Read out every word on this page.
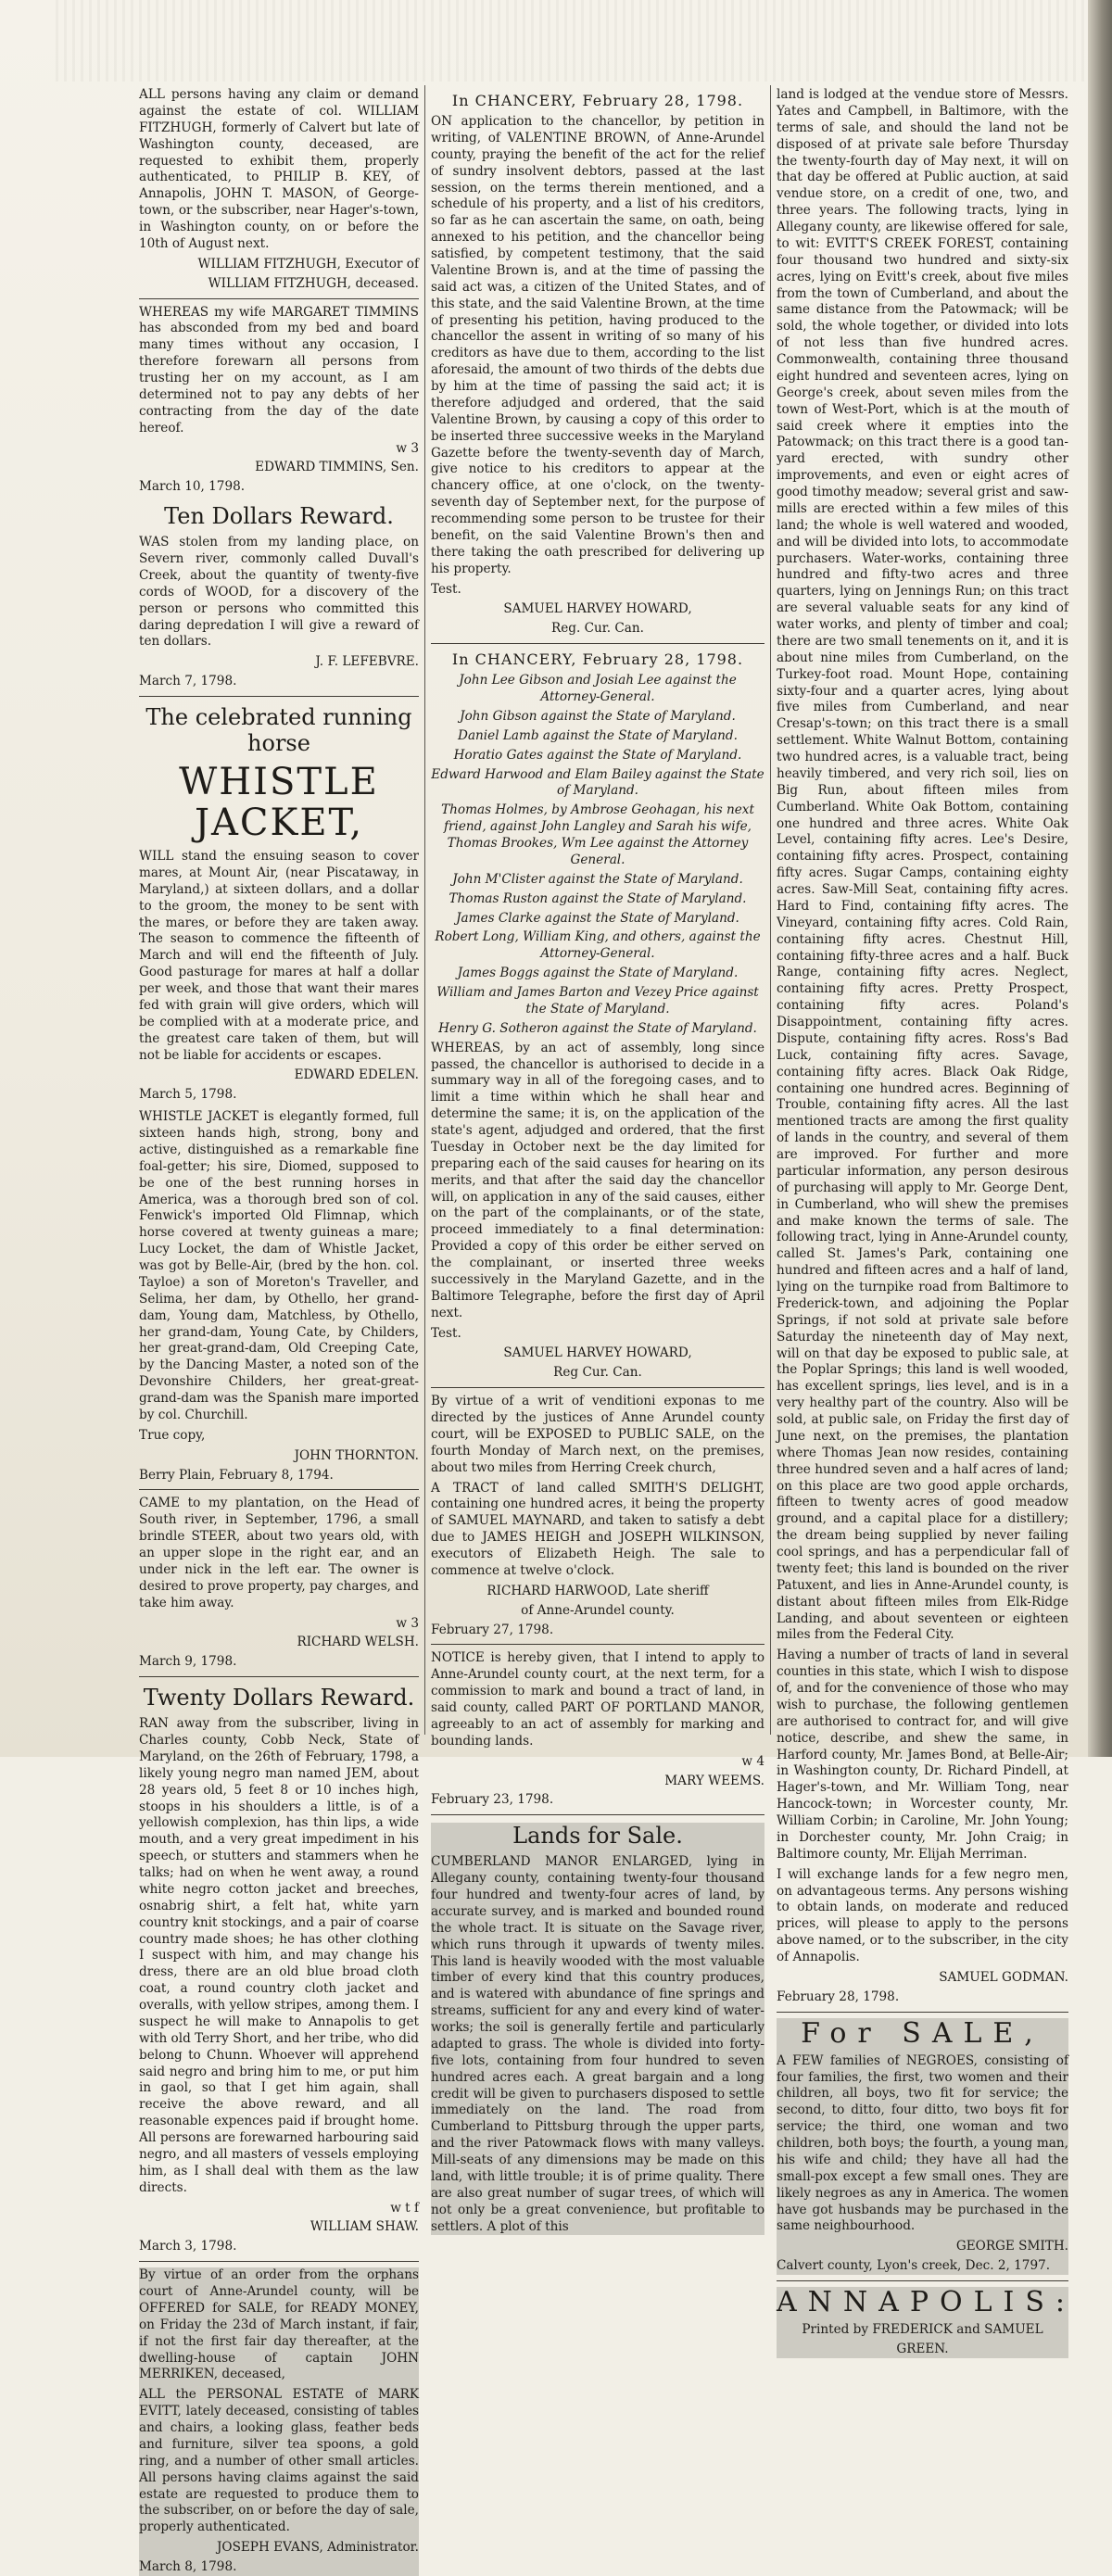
ALL persons having any claim or demand against the estate of col. WILLIAM FITZHUGH, formerly of Calvert but late of Washington county, deceased, are requested to exhibit them, properly authenticated, to PHILIP B. KEY, of Annapolis, JOHN T. MASON, of George-town, or the subscriber, near Hager's-town, in Washington county, on or before the 10th of August next.

WILLIAM FITZHUGH, Executor of

WILLIAM FITZHUGH, deceased.

WHEREAS my wife MARGARET TIMMINS has absconded from my bed and board many times without any occasion, I therefore forewarn all persons from trusting her on my account, as I am determined not to pay any debts of her contracting from the day of the date hereof.

w 3

EDWARD TIMMINS, Sen.

March 10, 1798.

Ten Dollars Reward.

WAS stolen from my landing place, on Severn river, commonly called Duvall's Creek, about the quantity of twenty-five cords of WOOD, for a discovery of the person or persons who committed this daring depredation I will give a reward of ten dollars.

J. F. LEFEBVRE.

March 7, 1798.

The celebrated running horse
WHISTLE JACKET,

WILL stand the ensuing season to cover mares, at Mount Air, (near Piscataway, in Maryland,) at sixteen dollars, and a dollar to the groom, the money to be sent with the mares, or before they are taken away. The season to commence the fifteenth of March and will end the fifteenth of July. Good pasturage for mares at half a dollar per week, and those that want their mares fed with grain will give orders, which will be complied with at a moderate price, and the greatest care taken of them, but will not be liable for accidents or escapes.

EDWARD EDELEN.

March 5, 1798.

WHISTLE JACKET is elegantly formed, full sixteen hands high, strong, bony and active, distinguished as a remarkable fine foal-getter; his sire, Diomed, supposed to be one of the best running horses in America, was a thorough bred son of col. Fenwick's imported Old Flimnap, which horse covered at twenty guineas a mare; Lucy Locket, the dam of Whistle Jacket, was got by Belle-Air, (bred by the hon. col. Tayloe) a son of Moreton's Traveller, and Selima, her dam, by Othello, her grand-dam, Young dam, Matchless, by Othello, her grand-dam, Young Cate, by Childers, her great-grand-dam, Old Creeping Cate, by the Dancing Master, a noted son of the Devonshire Childers, her great-great-grand-dam was the Spanish mare imported by col. Churchill.

True copy,

JOHN THORNTON.

Berry Plain, February 8, 1794.

CAME to my plantation, on the Head of South river, in September, 1796, a small brindle STEER, about two years old, with an upper slope in the right ear, and an under nick in the left ear. The owner is desired to prove property, pay charges, and take him away.

w 3

RICHARD WELSH.

March 9, 1798.

Twenty Dollars Reward.

RAN away from the subscriber, living in Charles county, Cobb Neck, State of Maryland, on the 26th of February, 1798, a likely young negro man named JEM, about 28 years old, 5 feet 8 or 10 inches high, stoops in his shoulders a little, is of a yellowish complexion, has thin lips, a wide mouth, and a very great impediment in his speech, or stutters and stammers when he talks; had on when he went away, a round white negro cotton jacket and breeches, osnabrig shirt, a felt hat, white yarn country knit stockings, and a pair of coarse country made shoes; he has other clothing I suspect with him, and may change his dress, there are an old blue broad cloth coat, a round country cloth jacket and overalls, with yellow stripes, among them. I suspect he will make to Annapolis to get with old Terry Short, and her tribe, who did belong to Chunn. Whoever will apprehend said negro and bring him to me, or put him in gaol, so that I get him again, shall receive the above reward, and all reasonable expences paid if brought home. All persons are forewarned harbouring said negro, and all masters of vessels employing him, as I shall deal with them as the law directs.

w t f

WILLIAM SHAW.

March 3, 1798.

By virtue of an order from the orphans court of Anne-Arundel county, will be OFFERED for SALE, for READY MONEY, on Friday the 23d of March instant, if fair, if not the first fair day thereafter, at the dwelling-house of captain JOHN MERRIKEN, deceased,

ALL the PERSONAL ESTATE of MARK EVITT, lately deceased, consisting of tables and chairs, a looking glass, feather beds and furniture, silver tea spoons, a gold ring, and a number of other small articles. All persons having claims against the said estate are requested to produce them to the subscriber, on or before the day of sale, properly authenticated.

JOSEPH EVANS, Administrator.

March 8, 1798.

In CHANCERY, February 28, 1798.

ON application to the chancellor, by petition in writing, of VALENTINE BROWN, of Anne-Arundel county, praying the benefit of the act for the relief of sundry insolvent debtors, passed at the last session, on the terms therein mentioned, and a schedule of his property, and a list of his creditors, so far as he can ascertain the same, on oath, being annexed to his petition, and the chancellor being satisfied, by competent testimony, that the said Valentine Brown is, and at the time of passing the said act was, a citizen of the United States, and of this state, and the said Valentine Brown, at the time of presenting his petition, having produced to the chancellor the assent in writing of so many of his creditors as have due to them, according to the list aforesaid, the amount of two thirds of the debts due by him at the time of passing the said act; it is therefore adjudged and ordered, that the said Valentine Brown, by causing a copy of this order to be inserted three successive weeks in the Maryland Gazette before the twenty-seventh day of March, give notice to his creditors to appear at the chancery office, at one o'clock, on the twenty-seventh day of September next, for the purpose of recommending some person to be trustee for their benefit, on the said Valentine Brown's then and there taking the oath prescribed for delivering up his property.

Test.

SAMUEL HARVEY HOWARD,

Reg. Cur. Can.

In CHANCERY, February 28, 1798.

John Lee Gibson and Josiah Lee against the Attorney-General.

John Gibson against the State of Maryland.

Daniel Lamb against the State of Maryland.

Horatio Gates against the State of Maryland.

Edward Harwood and Elam Bailey against the State of Maryland.

Thomas Holmes, by Ambrose Geohagan, his next friend, against John Langley and Sarah his wife, Thomas Brookes, Wm Lee against the Attorney General.

John M'Clister against the State of Maryland.

Thomas Ruston against the State of Maryland.

James Clarke against the State of Maryland.

Robert Long, William King, and others, against the Attorney-General.

James Boggs against the State of Maryland.

William and James Barton and Vezey Price against the State of Maryland.

Henry G. Sotheron against the State of Maryland.

WHEREAS, by an act of assembly, long since passed, the chancellor is authorised to decide in a summary way in all of the foregoing cases, and to limit a time within which he shall hear and determine the same; it is, on the application of the state's agent, adjudged and ordered, that the first Tuesday in October next be the day limited for preparing each of the said causes for hearing on its merits, and that after the said day the chancellor will, on application in any of the said causes, either on the part of the complainants, or of the state, proceed immediately to a final determination: Provided a copy of this order be either served on the complainant, or inserted three weeks successively in the Maryland Gazette, and in the Baltimore Telegraphe, before the first day of April next.

Test.

SAMUEL HARVEY HOWARD,

Reg Cur. Can.

By virtue of a writ of venditioni exponas to me directed by the justices of Anne Arundel county court, will be EXPOSED to PUBLIC SALE, on the fourth Monday of March next, on the premises, about two miles from Herring Creek church,

A TRACT of land called SMITH'S DELIGHT, containing one hundred acres, it being the property of SAMUEL MAYNARD, and taken to satisfy a debt due to JAMES HEIGH and JOSEPH WILKINSON, executors of Elizabeth Heigh. The sale to commence at twelve o'clock.

RICHARD HARWOOD, Late sheriff

of Anne-Arundel county.

February 27, 1798.

NOTICE is hereby given, that I intend to apply to Anne-Arundel county court, at the next term, for a commission to mark and bound a tract of land, in said county, called PART OF PORTLAND MANOR, agreeably to an act of assembly for marking and bounding lands.

w 4

MARY WEEMS.

February 23, 1798.

Lands for Sale.

CUMBERLAND MANOR ENLARGED, lying in Allegany county, containing twenty-four thousand four hundred and twenty-four acres of land, by accurate survey, and is marked and bounded round the whole tract. It is situate on the Savage river, which runs through it upwards of twenty miles. This land is heavily wooded with the most valuable timber of every kind that this country produces, and is watered with abundance of fine springs and streams, sufficient for any and every kind of water-works; the soil is generally fertile and particularly adapted to grass. The whole is divided into forty-five lots, containing from four hundred to seven hundred acres each. A great bargain and a long credit will be given to purchasers disposed to settle immediately on the land. The road from Cumberland to Pittsburg through the upper parts, and the river Patowmack flows with many valleys. Mill-seats of any dimensions may be made on this land, with little trouble; it is of prime quality. There are also great number of sugar trees, of which will not only be a great convenience, but profitable to settlers. A plot of this

land is lodged at the vendue store of Messrs. Yates and Campbell, in Baltimore, with the terms of sale, and should the land not be disposed of at private sale before Thursday the twenty-fourth day of May next, it will on that day be offered at Public auction, at said vendue store, on a credit of one, two, and three years. The following tracts, lying in Allegany county, are likewise offered for sale, to wit: EVITT'S CREEK FOREST, containing four thousand two hundred and sixty-six acres, lying on Evitt's creek, about five miles from the town of Cumberland, and about the same distance from the Patowmack; will be sold, the whole together, or divided into lots of not less than five hundred acres. Commonwealth, containing three thousand eight hundred and seventeen acres, lying on George's creek, about seven miles from the town of West-Port, which is at the mouth of said creek where it empties into the Patowmack; on this tract there is a good tan-yard erected, with sundry other improvements, and even or eight acres of good timothy meadow; several grist and saw-mills are erected within a few miles of this land; the whole is well watered and wooded, and will be divided into lots, to accommodate purchasers. Water-works, containing three hundred and fifty-two acres and three quarters, lying on Jennings Run; on this tract are several valuable seats for any kind of water works, and plenty of timber and coal; there are two small tenements on it, and it is about nine miles from Cumberland, on the Turkey-foot road. Mount Hope, containing sixty-four and a quarter acres, lying about five miles from Cumberland, and near Cresap's-town; on this tract there is a small settlement. White Walnut Bottom, containing two hundred acres, is a valuable tract, being heavily timbered, and very rich soil, lies on Big Run, about fifteen miles from Cumberland. White Oak Bottom, containing one hundred and three acres. White Oak Level, containing fifty acres. Lee's Desire, containing fifty acres. Prospect, containing fifty acres. Sugar Camps, containing eighty acres. Saw-Mill Seat, containing fifty acres. Hard to Find, containing fifty acres. The Vineyard, containing fifty acres. Cold Rain, containing fifty acres. Chestnut Hill, containing fifty-three acres and a half. Buck Range, containing fifty acres. Neglect, containing fifty acres. Pretty Prospect, containing fifty acres. Poland's Disappointment, containing fifty acres. Dispute, containing fifty acres. Ross's Bad Luck, containing fifty acres. Savage, containing fifty acres. Black Oak Ridge, containing one hundred acres. Beginning of Trouble, containing fifty acres. All the last mentioned tracts are among the first quality of lands in the country, and several of them are improved. For further and more particular information, any person desirous of purchasing will apply to Mr. George Dent, in Cumberland, who will shew the premises and make known the terms of sale. The following tract, lying in Anne-Arundel county, called St. James's Park, containing one hundred and fifteen acres and a half of land, lying on the turnpike road from Baltimore to Frederick-town, and adjoining the Poplar Springs, if not sold at private sale before Saturday the nineteenth day of May next, will on that day be exposed to public sale, at the Poplar Springs; this land is well wooded, has excellent springs, lies level, and is in a very healthy part of the country. Also will be sold, at public sale, on Friday the first day of June next, on the premises, the plantation where Thomas Jean now resides, containing three hundred seven and a half acres of land; on this place are two good apple orchards, fifteen to twenty acres of good meadow ground, and a capital place for a distillery; the dream being supplied by never failing cool springs, and has a perpendicular fall of twenty feet; this land is bounded on the river Patuxent, and lies in Anne-Arundel county, is distant about fifteen miles from Elk-Ridge Landing, and about seventeen or eighteen miles from the Federal City.

Having a number of tracts of land in several counties in this state, which I wish to dispose of, and for the convenience of those who may wish to purchase, the following gentlemen are authorised to contract for, and will give notice, describe, and shew the same, in Harford county, Mr. James Bond, at Belle-Air; in Washington county, Dr. Richard Pindell, at Hager's-town, and Mr. William Tong, near Hancock-town; in Worcester county, Mr. William Corbin; in Caroline, Mr. John Young; in Dorchester county, Mr. John Craig; in Baltimore county, Mr. Elijah Merriman.

I will exchange lands for a few negro men, on advantageous terms. Any persons wishing to obtain lands, on moderate and reduced prices, will please to apply to the persons above named, or to the subscriber, in the city of Annapolis.

SAMUEL GODMAN.

February 28, 1798.

For SALE,

A FEW families of NEGROES, consisting of four families, the first, two women and their children, all boys, two fit for service; the second, to ditto, four ditto, two boys fit for service; the third, one woman and two children, both boys; the fourth, a young man, his wife and child; they have all had the small-pox except a few small ones. They are likely negroes as any in America. The women have got husbands may be purchased in the same neighbourhood.

GEORGE SMITH.

Calvert county, Lyon's creek, Dec. 2, 1797.

ANNAPOLIS:

Printed by FREDERICK and SAMUEL

GREEN.
